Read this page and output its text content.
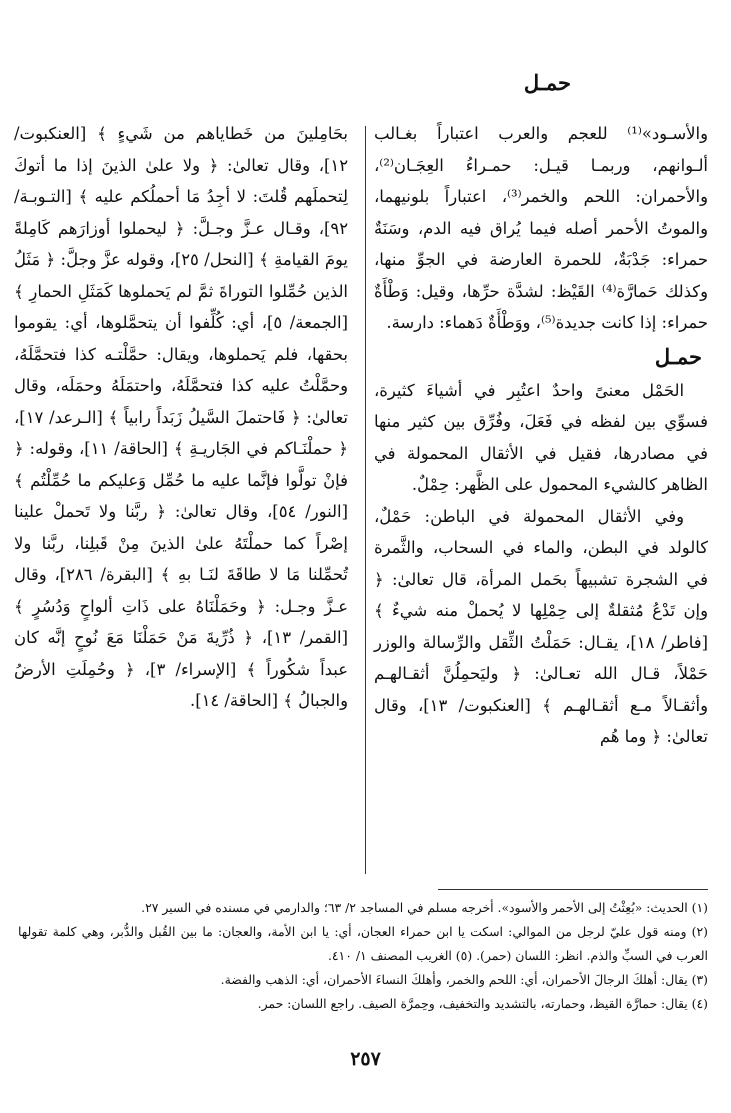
حمـل

والأسـود»⁽¹⁾ للعجم والعرب اعتباراً بغـالب ألـوانهم، وربمـا قيـل: حمـراءُ العِجَـان⁽²⁾، والأحمران: اللحم والخمر⁽³⁾، اعتباراً بلونيهما، والموتُ الأحمر أصله فيما يُراق فيه الدم، وسَنَةٌ حمراء: جَدْبَةٌ، للحمرة العارضة في الجوِّ منها، وكذلك حَمارَّة⁽⁴⁾ القَيْظ: لشدَّة حرِّها، وقيل: وَطْأَةٌ حمراء: إذا كانت جديدة⁽⁵⁾، ووَطْأَةٌ دَهماء: دارسة.

حمـل

الحَمْل معنىً واحدٌ اعتُبِر في أشياءَ كثيرة، فسوِّي بين لفظه في فَعَلَ، وفُرِّق بين كثير منها في مصادرها، فقيل في الأثقال المحمولة في الظاهر كالشيء المحمول على الظَّهر: حِمْلٌ.

وفي الأثقال المحمولة في الباطن: حَمْلٌ، كالولد في البطن، والماء في السحاب، والثَّمرة في الشجرة تشبيهاً بحَمل المرأة، قال تعالىٰ: ﴿ وإن تَدْعُ مُثقلةٌ إلى حِمْلِها لا يُحملْ منه شيءٌ ﴾ [فاطر/ ١٨]، يقـال: حَمَلْتُ الثِّقل والرِّسالة والوزر حَمْلاً، قـال الله تعـالىٰ: ﴿ وليَحمِلُنَّ أثقـالهـم وأثقـالاً مـع أثقـالهـم ﴾ [العنكبوت/ ١٣]، وقال تعالىٰ: ﴿ وما هُم

بحَامِلينَ من خَطاياهم من شَيءٍ ﴾ [العنكبوت/ ١٢]، وقال تعالىٰ: ﴿ ولا علىٰ الذينَ إذا ما أتوكَ لِتحملَهم قُلتَ: لا أجِدُ مَا أحملُكم عليه ﴾ [التـوبـة/ ٩٢]، وقـال عـزَّ وجـلَّ: ﴿ ليحملوا أوزارَهم كَامِلةً يومَ القيامةِ ﴾ [النحل/ ٢٥]، وقوله عزَّ وجلَّ: ﴿ مَثَلُ الذين حُمِّلوا التوراةَ ثمَّ لم يَحملوها كَمَثَلِ الحمارِ ﴾ [الجمعة/ ٥]، أي: كُلِّفوا أن يتحمَّلوها، أي: يقوموا بحقها، فلم يَحملوها، ويقال: حمَّلْتـه كذا فتحمَّلَهُ، وحمَّلْتُ عليه كذا فتحمَّلَهُ، واحتمَلَهُ وحمَلَه، وقال تعالىٰ: ﴿ فَاحتملَ السَّيلُ زَبَداً رابياً ﴾ [الـرعد/ ١٧]، ﴿ حملْنَـاكم في الجَاريـةِ ﴾ [الحاقة/ ١١]، وقوله: ﴿ فإنْ تولَّوا فإنَّما عليه ما حُمِّل وَعليكم ما حُمِّلْتُم ﴾ [النور/ ٥٤]، وقال تعالىٰ: ﴿ ربَّنا ولا تَحملْ علينا إصْراً كما حملْتَهُ علىٰ الذينَ مِنْ قَبلِنا، ربَّنا ولا تُحمِّلنا مَا لا طاقَةَ لنَـا بهِ ﴾ [البقرة/ ٢٨٦]، وقال عـزَّ وجـل: ﴿ وحَمَلْنَاهُ على ذَاتِ ألواحٍ وَدُسُرٍ ﴾ [القمر/ ١٣]، ﴿ ذُرِّيةَ مَنْ حَمَلْنَا مَعَ نُوحٍ إنَّه كان عبداً شكُوراً ﴾ [الإسراء/ ٣]، ﴿ وحُمِلَتِ الأرضُ والجبالُ ﴾ [الحاقة/ ١٤].

(١) الحديث: «بُعِثْتُ إلى الأحمر والأسود». أخرجه مسلم في المساجد ٢/ ٦٣؛ والدارمي في مسنده في السير ٢٧.

(٢) ومنه قول عليّ لرجل من الموالي: اسكت يا ابن حمراء العجان، أي: يا ابن الأمة، والعجان: ما بين القُبل والدُّبر، وهي كلمة تقولها العرب في السبِّ والذم. انظر: اللسان (حمر). (٥) الغريب المصنف ١/ ٤١٠.

(٣) يقال: أهلكَ الرجالَ الأحمران، أي: اللحم والخمر، وأهلكَ النساءَ الأحمران، أي: الذهب والفضة.

(٤) يقال: حمارَّة القيظ، وحمارته، بالتشديد والتخفيف، وحِمرَّة الصيف. راجع اللسان: حمر.

٢٥٧
